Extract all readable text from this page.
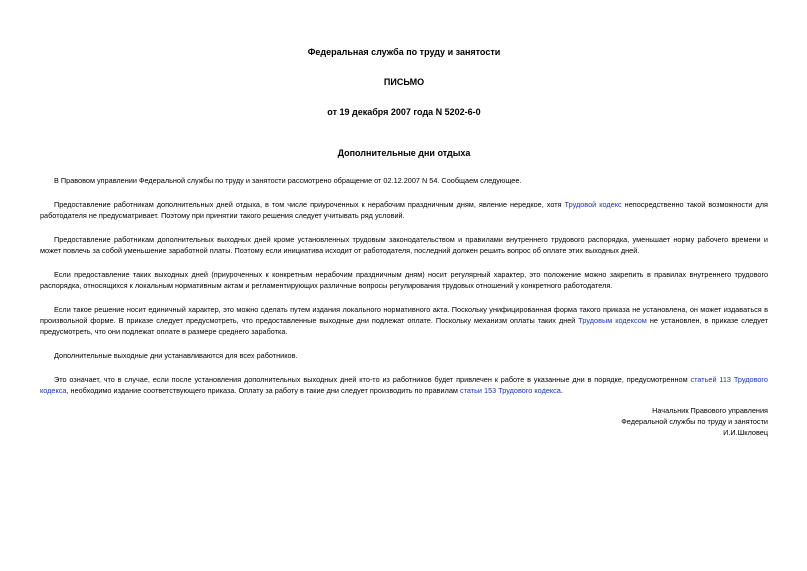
Федеральная служба по труду и занятости
ПИСЬМО
от 19 декабря 2007 года N 5202-6-0
Дополнительные дни отдыха

В Правовом управлении Федеральной службы по труду и занятости рассмотрено обращение от 02.12.2007 N 54. Сообщаем следующее.

Предоставление работникам дополнительных дней отдыха, в том числе приуроченных к нерабочим праздничным дням, явление нередкое, хотя Трудовой кодекс непосредственно такой возможности для работодателя не предусматривает. Поэтому при принятии такого решения следует учитывать ряд условий.

Предоставление работникам дополнительных выходных дней кроме установленных трудовым законодательством и правилами внутреннего трудового распорядка, уменьшает норму рабочего времени и может повлечь за собой уменьшение заработной платы. Поэтому если инициатива исходит от работодателя, последний должен решить вопрос об оплате этих выходных дней.

Если предоставление таких выходных дней (приуроченных к конкретным нерабочим праздничным дням) носит регулярный характер, это положение можно закрепить в правилах внутреннего трудового распорядка, относящихся к локальным нормативным актам и регламентирующих различные вопросы регулирования трудовых отношений у конкретного работодателя.

Если такое решение носит единичный характер, это можно сделать путем издания локального нормативного акта. Поскольку унифицированная форма такого приказа не установлена, он может издаваться в произвольной форме. В приказе следует предусмотреть, что предоставленные выходные дни подлежат оплате. Поскольку механизм оплаты таких дней Трудовым кодексом не установлен, в приказе следует предусмотреть, что они подлежат оплате в размере среднего заработка.

Дополнительные выходные дни устанавливаются для всех работников.

Это означает, что в случае, если после установления дополнительных выходных дней кто-то из работников будет привлечен к работе в указанные дни в порядке, предусмотренном статьей 113 Трудового кодекса, необходимо издание соответствующего приказа. Оплату за работу в такие дни следует производить по правилам статьи 153 Трудового кодекса.

Начальник Правового управления
Федеральной службы по труду и занятости
И.И.Шкловец
